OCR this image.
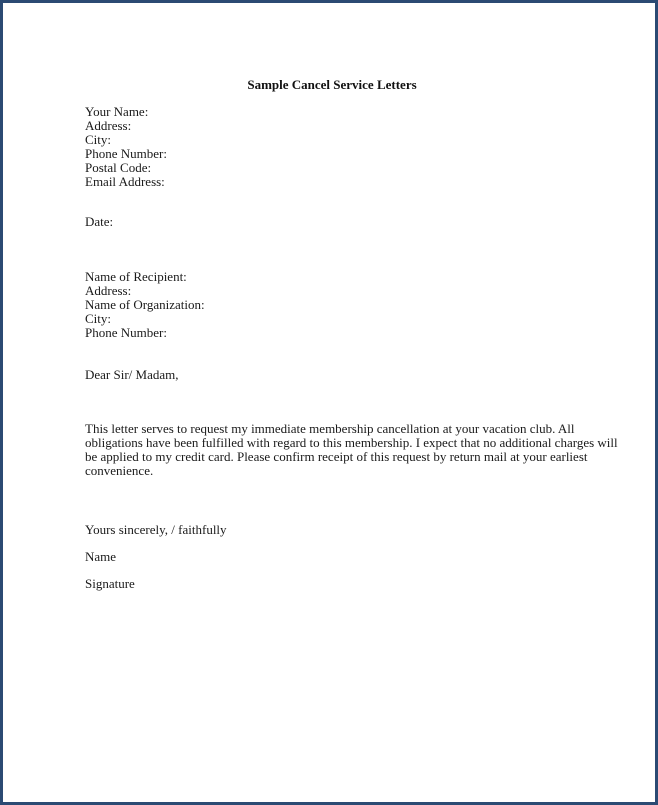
Sample Cancel Service Letters
Your Name:
Address:
City:
Phone Number:
Postal Code:
Email Address:
Date:
Name of Recipient:
Address:
Name of Organization:
City:
Phone Number:
Dear Sir/ Madam,
This letter serves to request my immediate membership cancellation at your vacation club. All
obligations have been fulfilled with regard to this membership. I expect that no additional charges will
be applied to my credit card. Please confirm receipt of this request by return mail at your earliest
convenience.
Yours sincerely, / faithfully
Name
Signature
